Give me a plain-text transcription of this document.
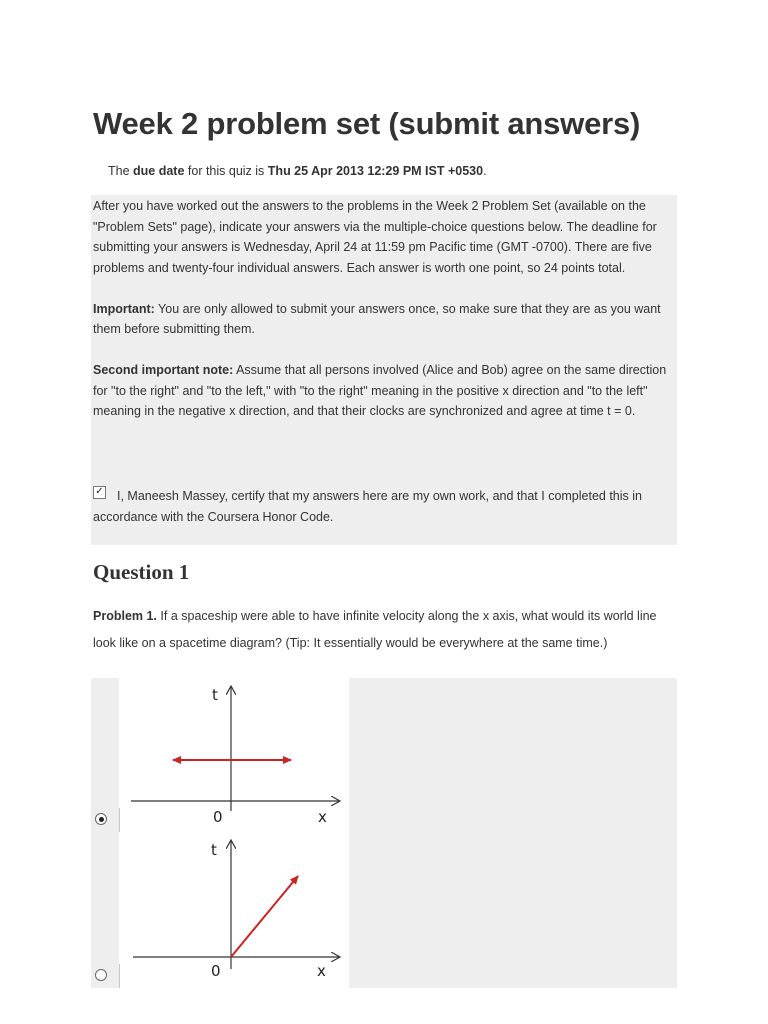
Week 2 problem set (submit answers)
The due date for this quiz is Thu 25 Apr 2013 12:29 PM IST +0530.

After you have worked out the answers to the problems in the Week 2 Problem Set (available on the "Problem Sets" page), indicate your answers via the multiple-choice questions below. The deadline for submitting your answers is Wednesday, April 24 at 11:59 pm Pacific time (GMT -0700). There are five problems and twenty-four individual answers. Each answer is worth one point, so 24 points total.

Important: You are only allowed to submit your answers once, so make sure that they are as you want them before submitting them.

Second important note: Assume that all persons involved (Alice and Bob) agree on the same direction for "to the right" and "to the left," with "to the right" meaning in the positive x direction and "to the left" meaning in the negative x direction, and that their clocks are synchronized and agree at time t = 0.

✓	I, Maneesh Massey, certify that my answers here are my own work, and that I completed this in accordance with the Coursera Honor Code.
Question 1
Problem 1. If a spaceship were able to have infinite velocity along the x axis, what would its world line look like on a spacetime diagram? (Tip: It essentially would be everywhere at the same time.)
t
0	x
t
0	x
